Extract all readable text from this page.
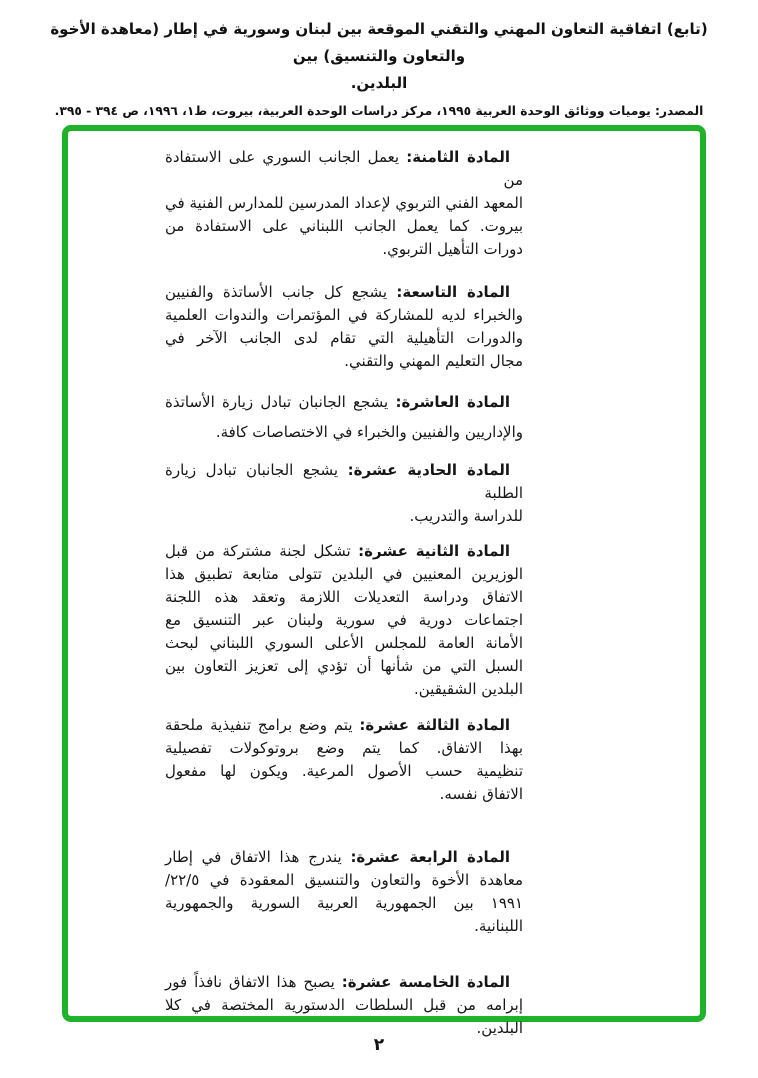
(تابع) اتفاقية التعاون المهني والتقني الموقعة بين لبنان وسورية في إطار (معاهدة الأخوة والتعاون والتنسيق) بين
البلدين.
المصدر: يوميات ووثائق الوحدة العربية ١٩٩٥، مركز دراسات الوحدة العربية، بيروت، ط١، ١٩٩٦، ص ٣٩٤ - ٣٩٥.
المادة الثامنة: يعمل الجانب السوري على الاستفادة من
المعهد الفني التربوي لإعداد المدرسين للمدارس الفنية في
بيروت. كما يعمل الجانب اللبناني على الاستفادة من
دورات التأهيل التربوي.
المادة التاسعة: يشجع كل جانب الأساتذة والفنيين
والخبراء لديه للمشاركة في المؤتمرات والندوات العلمية
والدورات التأهيلية التي تقام لدى الجانب الآخر في
مجال التعليم المهني والتقني.
المادة العاشرة: يشجع الجانبان تبادل زيارة الأساتذة
والإداريين والفنيين والخبراء في الاختصاصات كافة.
المادة الحادية عشرة: يشجع الجانبان تبادل زيارة الطلبة
للدراسة والتدريب.
المادة الثانية عشرة: تشكل لجنة مشتركة من قبل
الوزيرين المعنيين في البلدين تتولى متابعة تطبيق هذا
الاتفاق ودراسة التعديلات اللازمة وتعقد هذه اللجنة
اجتماعات دورية في سورية ولبنان عبر التنسيق مع
الأمانة العامة للمجلس الأعلى السوري اللبناني لبحث
السبل التي من شأنها أن تؤدي إلى تعزيز التعاون بين
البلدين الشقيقين.
المادة الثالثة عشرة: يتم وضع برامج تنفيذية ملحقة
بهذا الاتفاق. كما يتم وضع بروتوكولات تفصيلية
تنظيمية حسب الأصول المرعية. ويكون لها مفعول
الاتفاق نفسه.
المادة الرابعة عشرة: يندرج هذا الاتفاق في إطار
معاهدة الأخوة والتعاون والتنسيق المعقودة في ٢٢/٥/
١٩٩١ بين الجمهورية العربية السورية والجمهورية
اللبنانية.
المادة الخامسة عشرة: يصبح هذا الاتفاق نافذاً فور
إبرامه من قبل السلطات الدستورية المختصة في كلا
البلدين.
٢
